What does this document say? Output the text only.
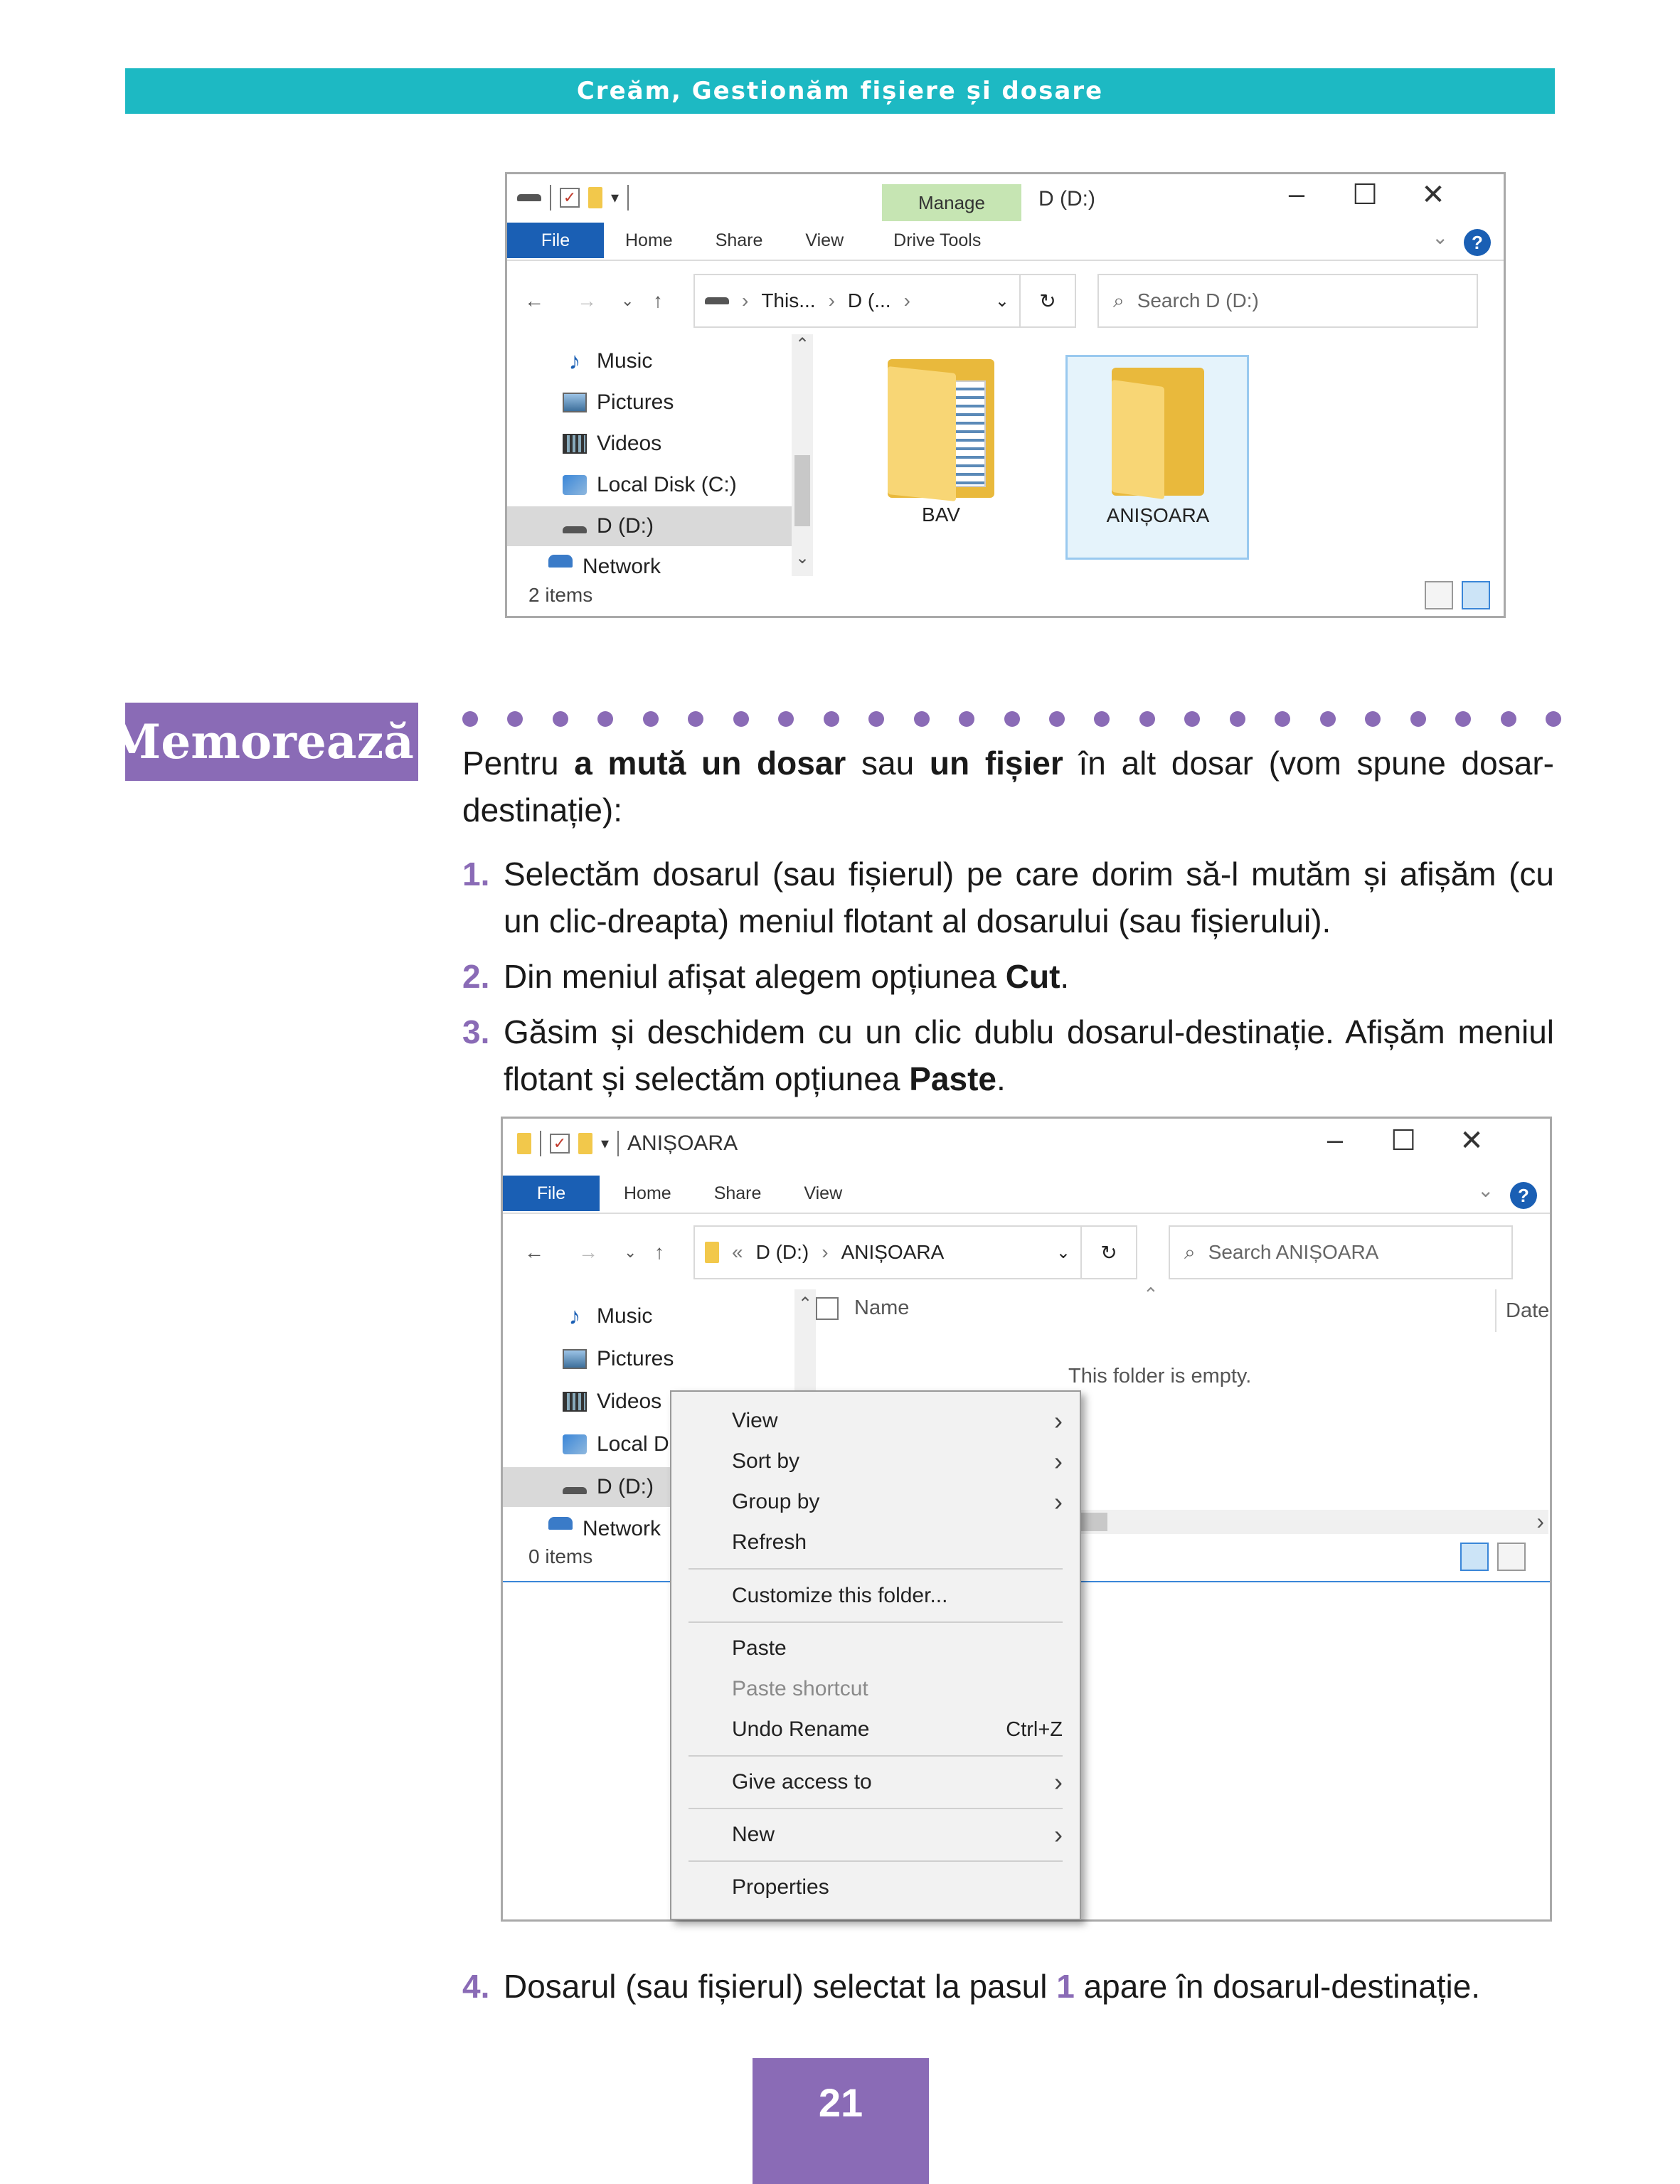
Creăm, Gestionăm fișiere și dosare
✓ ▾	Manage	D (D:)	– ☐ ✕
File	Home	Share	View	Drive Tools	⌄	?
← → ⌄ ↑	› This... › D (... ›	⌄ ↻	⌕ Search D (D:)
♪ Music
Pictures
Videos
Local Disk (C:)
D (D:)
Network
⌃
⌄
BAV	ANIȘOARA
2 items
Memorează! Pentru a mută un dosar sau un fișier în alt dosar (vom spune dosar-destinație):
1. Selectăm dosarul (sau fișierul) pe care dorim să-l mutăm și afișăm (cu un clic-dreapta) meniul flotant al dosarului (sau fișierului).
2. Din meniul afișat alegem opțiunea Cut.
3. Găsim și deschidem cu un clic dublu dosarul-destinație. Afișăm meniul flotant și selectăm opțiunea Paste.
✓ ▾ ANIȘOARA	– ☐ ✕
File	Home	Share	View	⌄	?
← → ⌄ ↑	« D (D:) › ANIȘOARA	⌄ ↻	⌕ Search ANIȘOARA
♪ Music
Pictures
Videos
Local D
D (D:)
Network
⌃ Name
⌃
Date
This folder is empty.
›
0 items
View	›
Sort by	›
Group by	›
Refresh
Customize this folder...
Paste
Paste shortcut
Undo Rename	Ctrl+Z
Give access to	›
New	›
Properties
4. Dosarul (sau fișierul) selectat la pasul 1 apare în dosarul-destinație.
21
